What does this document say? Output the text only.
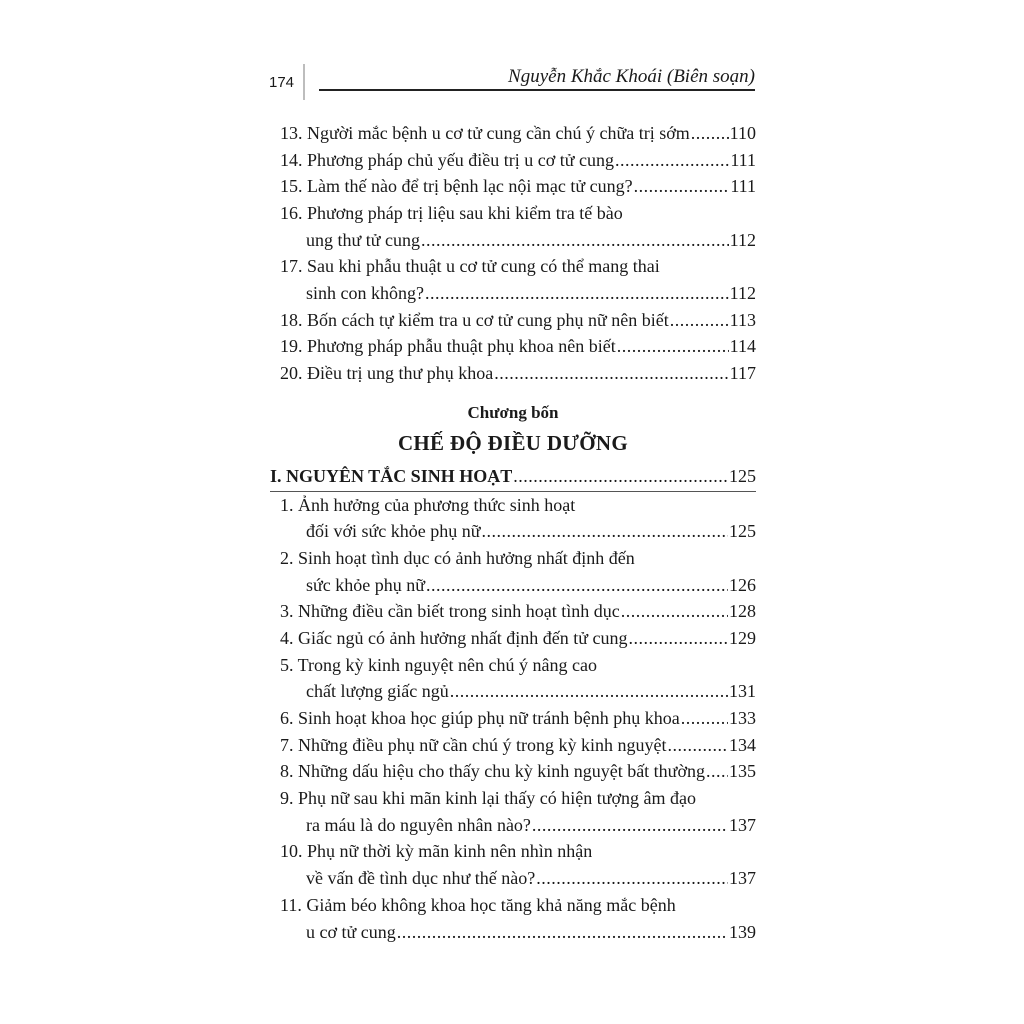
174	Nguyễn Khắc Khoái (Biên soạn)
13. Người mắc bệnh u cơ tử cung cần chú ý chữa trị sớm ..... 110
14. Phương pháp chủ yếu điều trị u cơ tử cung .....	111
15. Làm thế nào để trị bệnh lạc nội mạc tử cung? .....	111
16. Phương pháp trị liệu sau khi kiểm tra tế bào
ung thư tử cung .....	112
17. Sau khi phẫu thuật u cơ tử cung có thể mang thai
sinh con không? .....	112
18. Bốn cách tự kiểm tra u cơ tử cung phụ nữ nên biết .....	113
19. Phương pháp phẫu thuật phụ khoa nên biết .....	114
20. Điều trị ung thư phụ khoa .....	117
Chương bốn
CHẾ ĐỘ ĐIỀU DƯỠNG
I. NGUYÊN TẮC SINH HOẠT .....	125
1. Ảnh hưởng của phương thức sinh hoạt
đối với sức khỏe phụ nữ .....	125
2. Sinh hoạt tình dục có ảnh hưởng nhất định đến
sức khỏe phụ nữ .....	126
3. Những điều cần biết trong sinh hoạt tình dục .....	128
4. Giấc ngủ có ảnh hưởng nhất định đến tử cung .....	129
5. Trong kỳ kinh nguyệt nên chú ý nâng cao
chất lượng giấc ngủ .....	131
6. Sinh hoạt khoa học giúp phụ nữ tránh bệnh phụ khoa .....	133
7. Những điều phụ nữ cần chú ý trong kỳ kinh nguyệt .....	134
8. Những dấu hiệu cho thấy chu kỳ kinh nguyệt bất thường ..... 135
9. Phụ nữ sau khi mãn kinh lại thấy có hiện tượng âm đạo
ra máu là do nguyên nhân nào? .....	137
10. Phụ nữ thời kỳ mãn kinh nên nhìn nhận
về vấn đề tình dục như thế nào? .....	137
11. Giảm béo không khoa học tăng khả năng mắc bệnh
u cơ tử cung .....	139
